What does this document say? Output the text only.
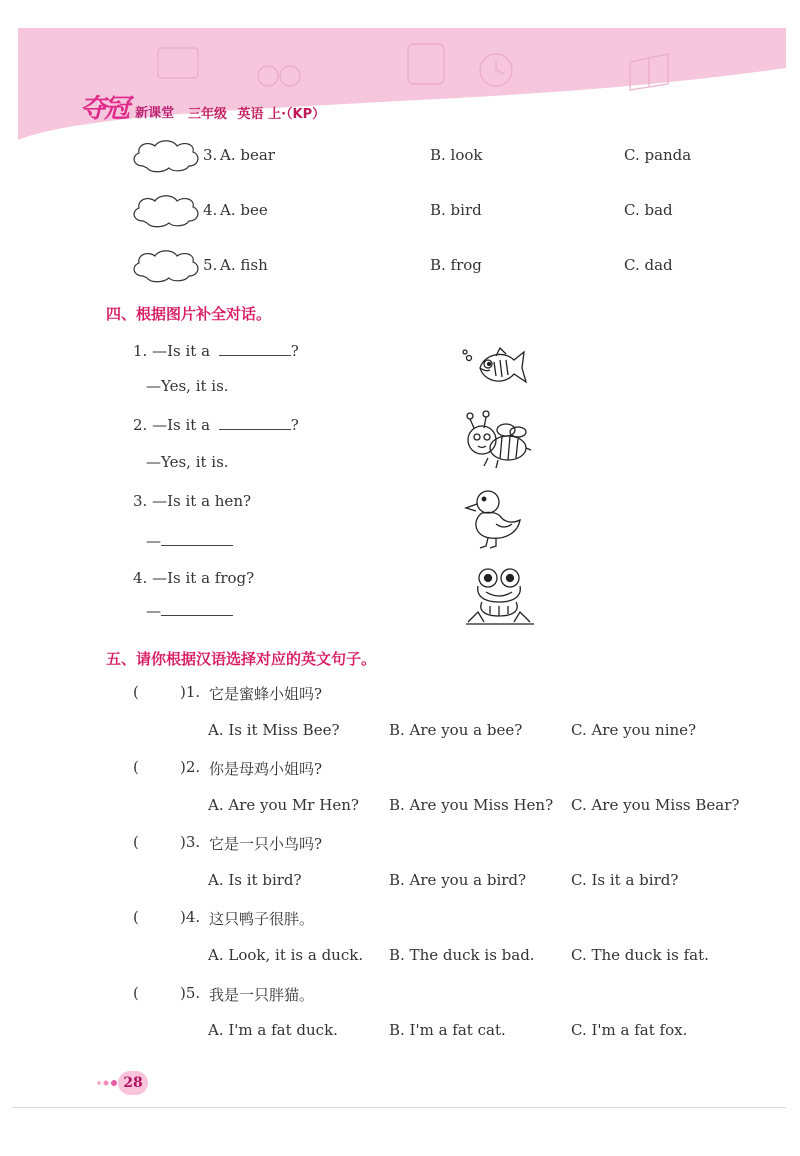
夺冠 新课堂 三年级 英语 上·（KP）
3. A. bear	B. look	C. panda
4. A. bee	B. bird	C. bad
5. A. fish	B. frog	C. dad
四、根据图片补全对话。
1. —Is it a	?
—Yes, it is.
2. —Is it a	?
—Yes, it is.
3. —Is it a hen?
—
4. —Is it a frog?
—
五、请你根据汉语选择对应的英文句子。
(	)1. 它是蜜蜂小姐吗?
A. Is it Miss Bee?	B. Are you a bee?	C. Are you nine?
(	)2. 你是母鸡小姐吗?
A. Are you Mr Hen? B. Are you Miss Hen? C. Are you Miss Bear?
(	)3. 它是一只小鸟吗?
A. Is it bird?	B. Are you a bird?	C. Is it a bird?
(	)4. 这只鸭子很胖。
A. Look, it is a duck. B. The duck is bad. C. The duck is fat.
(	)5. 我是一只胖猫。
A. I'm a fat duck.	B. I'm a fat cat.	C. I'm a fat fox.
28
